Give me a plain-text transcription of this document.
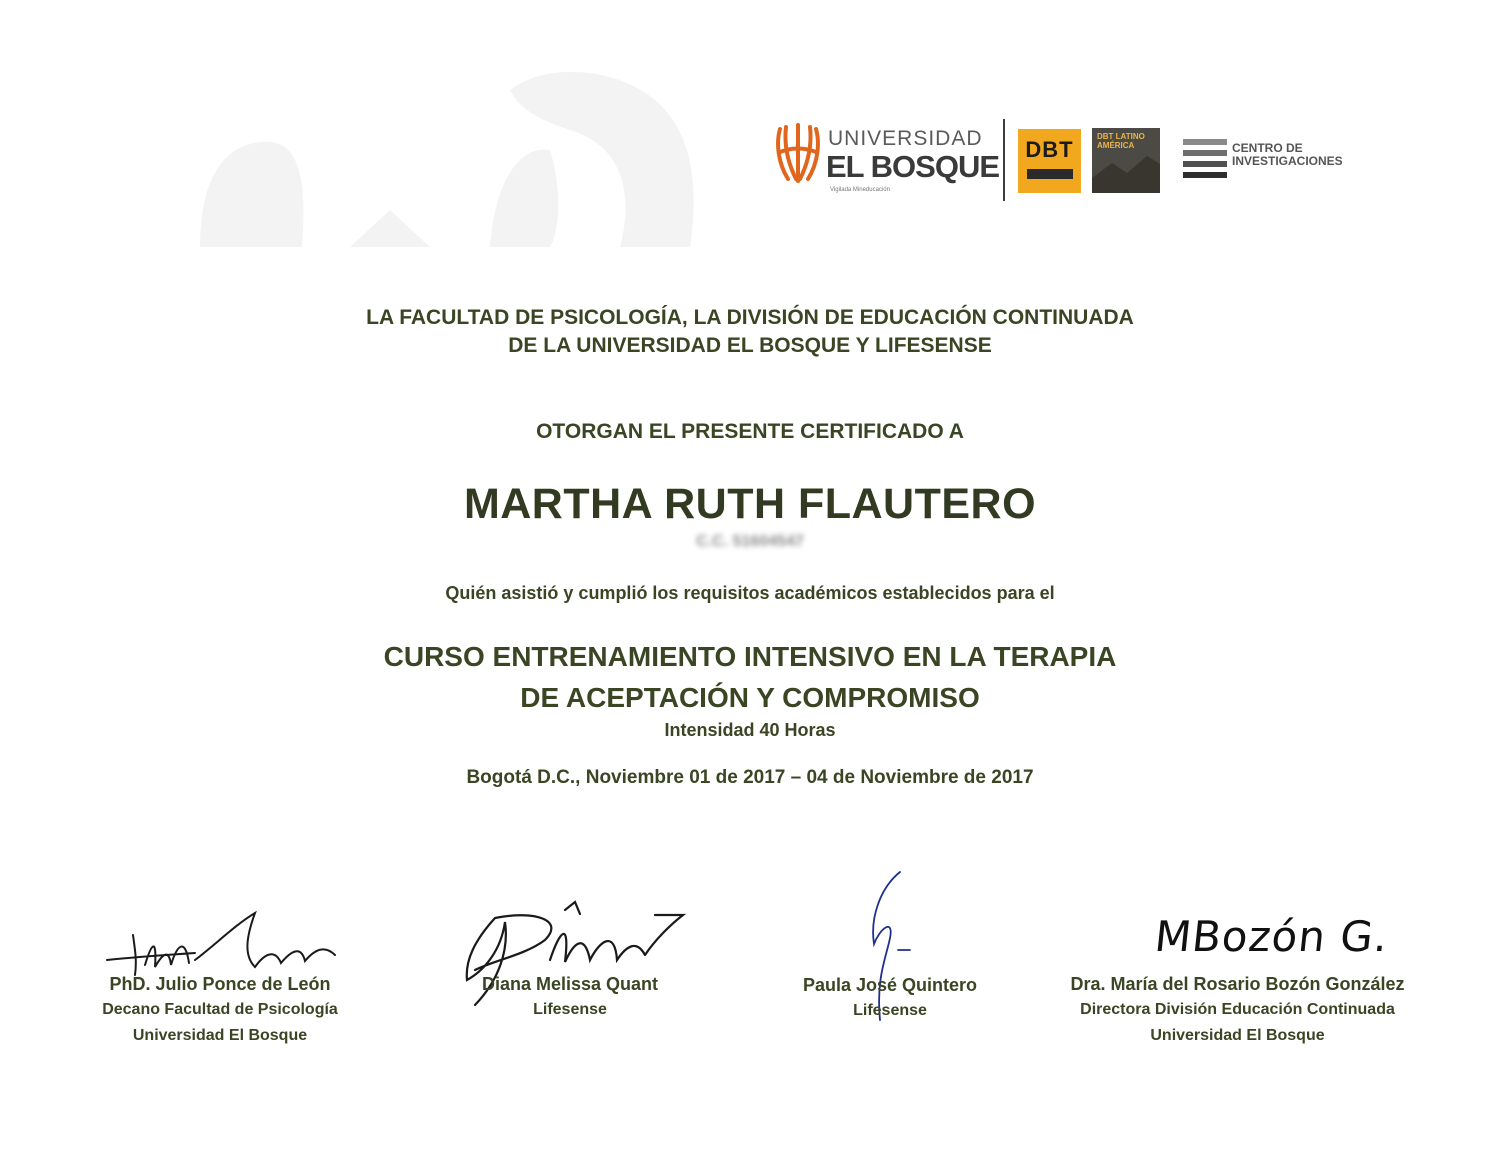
UNIVERSIDAD
EL BOSQUE
Vigilada Mineducación
DBT
DBT LATINO AMÉRICA	CENTRO DE INVESTIGACIONES
LA FACULTAD DE PSICOLOGÍA, LA DIVISIÓN DE EDUCACIÓN CONTINUADA
DE LA UNIVERSIDAD EL BOSQUE Y LIFESENSE
OTORGAN EL PRESENTE CERTIFICADO A
MARTHA RUTH FLAUTERO
C.C. 51604547
Quién asistió y cumplió los requisitos académicos establecidos para el
CURSO ENTRENAMIENTO INTENSIVO EN LA TERAPIA
DE ACEPTACIÓN Y COMPROMISO
Intensidad 40 Horas
Bogotá D.C., Noviembre 01 de 2017 – 04 de Noviembre de 2017
MBozón G.
PhD. Julio Ponce de León
Decano Facultad de Psicología
Universidad El Bosque
Diana Melissa Quant
Lifesense
Paula José Quintero
Lifesense
Dra. María del Rosario Bozón González
Directora División Educación Continuada
Universidad El Bosque
